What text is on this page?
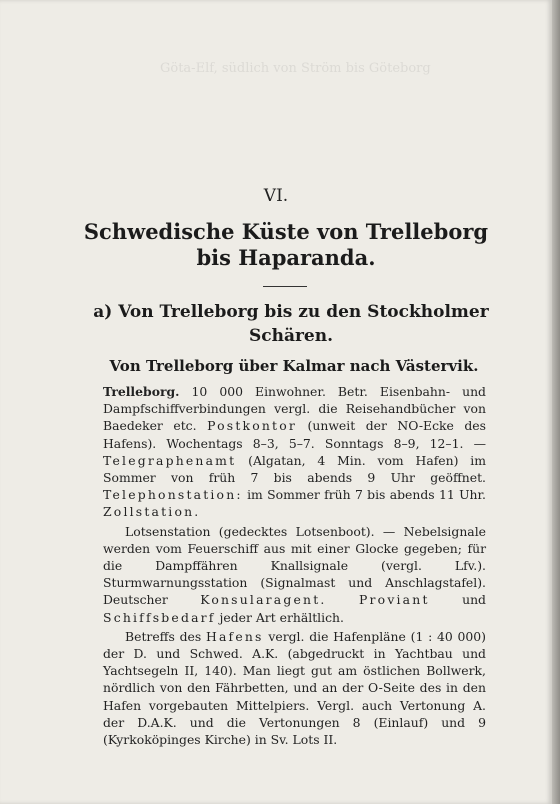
Göta-Elf, südlich von Ström bis Göteborg
VI.
Schwedische Küste von Trelleborg
bis Haparanda.
a) Von Trelleborg bis zu den Stockholmer Schären.
Von Trelleborg über Kalmar nach Västervik.

Trelleborg. 10 000 Einwohner. Betr. Eisenbahn- und Dampfschiffverbindungen vergl. die Reisehandbücher von Baedeker etc. Postkontor (unweit der NO-Ecke des Hafens). Wochentags 8–3, 5–7. Sonntags 8–9, 12–1. — Telegraphenamt (Algatan, 4 Min. vom Hafen) im Sommer von früh 7 bis abends 9 Uhr geöffnet. Telephonstation: im Sommer früh 7 bis abends 11 Uhr. Zollstation.

Lotsenstation (gedecktes Lotsenboot). — Nebelsignale werden vom Feuerschiff aus mit einer Glocke gegeben; für die Dampffähren Knallsignale (vergl. Lfv.). Sturmwarnungsstation (Signalmast und Anschlagstafel). Deutscher Konsularagent.	Proviant und Schiffsbedarf jeder Art erhältlich.

Betreffs des Hafens vergl. die Hafenpläne (1 : 40 000) der D. und Schwed. A.K. (abgedruckt in Yachtbau und Yachtsegeln II, 140). Man liegt gut am östlichen Bollwerk, nördlich von den Fährbetten, und an der O-Seite des in den Hafen vorgebauten Mittelpiers. Vergl. auch Vertonung A. der D.A.K. und die Vertonungen 8 (Einlauf) und 9 (Kyrkoköpinges Kirche) in Sv. Lots II.
